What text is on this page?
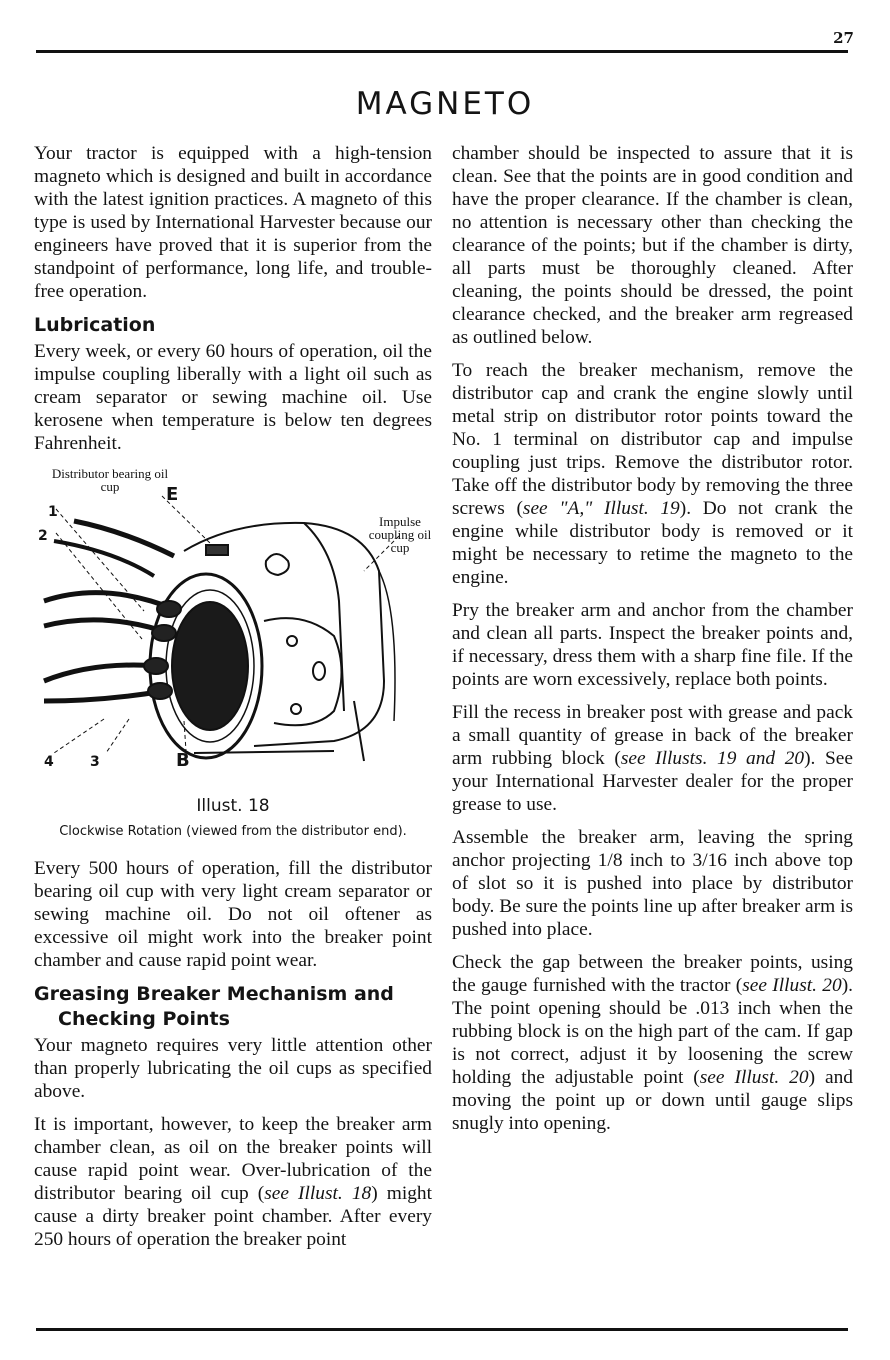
27
MAGNETO

Your tractor is equipped with a high-tension magneto which is designed and built in accordance with the latest ignition practices. A magneto of this type is used by International Harvester because our engineers have proved that it is superior from the standpoint of performance, long life, and trouble-free operation.

Lubrication

Every week, or every 60 hours of operation, oil the impulse coupling liberally with a light oil such as cream separator or sewing machine oil. Use kerosene when temperature is below ten degrees Fahrenheit.

Distributor bearing oil cup	E
Impulse coupling oil cup
1
2
4	3	B
Illust. 18
Clockwise Rotation (viewed from the distributor end).

Every 500 hours of operation, fill the distributor bearing oil cup with very light cream separator or sewing machine oil. Do not oil oftener as excessive oil might work into the breaker point chamber and cause rapid point wear.

Greasing Breaker Mechanism and
Checking Points

Your magneto requires very little attention other than properly lubricating the oil cups as specified above.

It is important, however, to keep the breaker arm chamber clean, as oil on the breaker points will cause rapid point wear. Over-lubrication of the distributor bearing oil cup (see Illust. 18) might cause a dirty breaker point chamber. After every 250 hours of operation the breaker point

chamber should be inspected to assure that it is clean. See that the points are in good condition and have the proper clearance. If the chamber is clean, no attention is necessary other than checking the clearance of the points; but if the chamber is dirty, all parts must be thoroughly cleaned. After cleaning, the points should be dressed, the point clearance checked, and the breaker arm regreased as outlined below.

To reach the breaker mechanism, remove the distributor cap and crank the engine slowly until metal strip on distributor rotor points toward the No. 1 terminal on distributor cap and impulse coupling just trips. Remove the distributor rotor. Take off the distributor body by removing the three screws (see "A," Illust. 19). Do not crank the engine while distributor body is removed or it might be necessary to retime the magneto to the engine.

Pry the breaker arm and anchor from the chamber and clean all parts. Inspect the breaker points and, if necessary, dress them with a sharp fine file. If the points are worn excessively, replace both points.

Fill the recess in breaker post with grease and pack a small quantity of grease in back of the breaker arm rubbing block (see Illusts. 19 and 20). See your International Harvester dealer for the proper grease to use.

Assemble the breaker arm, leaving the spring anchor projecting 1/8 inch to 3/16 inch above top of slot so it is pushed into place by distributor body. Be sure the points line up after breaker arm is pushed into place.

Check the gap between the breaker points, using the gauge furnished with the tractor (see Illust. 20). The point opening should be .013 inch when the rubbing block is on the high part of the cam. If gap is not correct, adjust it by loosening the screw holding the adjustable point (see Illust. 20) and moving the point up or down until gauge slips snugly into opening.
